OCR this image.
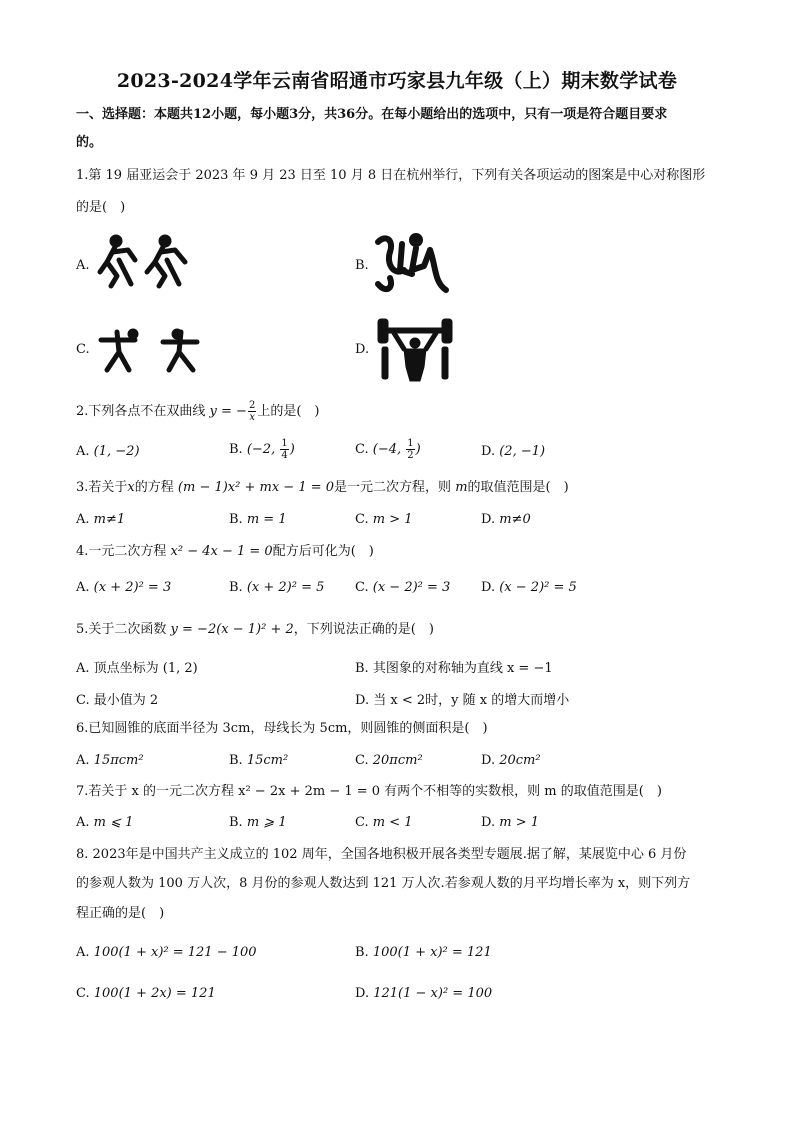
2023-2024学年云南省昭通市巧家县九年级（上）期末数学试卷
一、选择题：本题共12小题，每小题3分，共36分。在每小题给出的选项中，只有一项是符合题目要求
的。
1.第 19 届亚运会于 2023 年 9 月 23 日至 10 月 8 日在杭州举行，下列有关各项运动的图案是中心对称图形
的是(　)
A.	B.
C.	D.
2.下列各点不在双曲线 y = − $\frac{2}{x}$ 上的是(　)
A. (1, −2)	B. (−2, $\frac{1}{4}$ )	C. (−4, $\frac{1}{2}$ )	D. (2, −1)
3.若关于x的方程 (m − 1)x² + mx − 1 = 0是一元二次方程，则 m的取值范围是(　)
A. m≠1	B. m = 1	C. m > 1	D. m≠0
4.一元二次方程 x² − 4x − 1 = 0配方后可化为(　)
A. (x + 2)² = 3	B. (x + 2)² = 5 C. (x − 2)² = 3 D. (x − 2)² = 5
5.关于二次函数 y = −2(x − 1)² + 2，下列说法正确的是(　)
A. 顶点坐标为 (1, 2)	B. 其图象的对称轴为直线 x = −1
C. 最小值为 2	D. 当 x < 2时，y 随 x 的增大而增小
6.已知圆锥的底面半径为 3cm，母线长为 5cm，则圆锥的侧面积是(　)
A. 15πcm²	B. 15cm²	C. 20πcm²	D. 20cm²
7.若关于 x 的一元二次方程 x² − 2x + 2m − 1 = 0 有两个不相等的实数根，则 m 的取值范围是(　)
A. m ⩽ 1	B. m ⩾ 1	C. m < 1	D. m > 1
8. 2023年是中国共产主义成立的 102 周年，全国各地积极开展各类型专题展.据了解，某展览中心 6 月份
的参观人数为 100 万人次，8 月份的参观人数达到 121 万人次.若参观人数的月平均增长率为 x，则下列方
程正确的是(　)
A. 100(1 + x)² = 121 − 100	B. 100(1 + x)² = 121
C. 100(1 + 2x) = 121	D. 121(1 − x)² = 100
